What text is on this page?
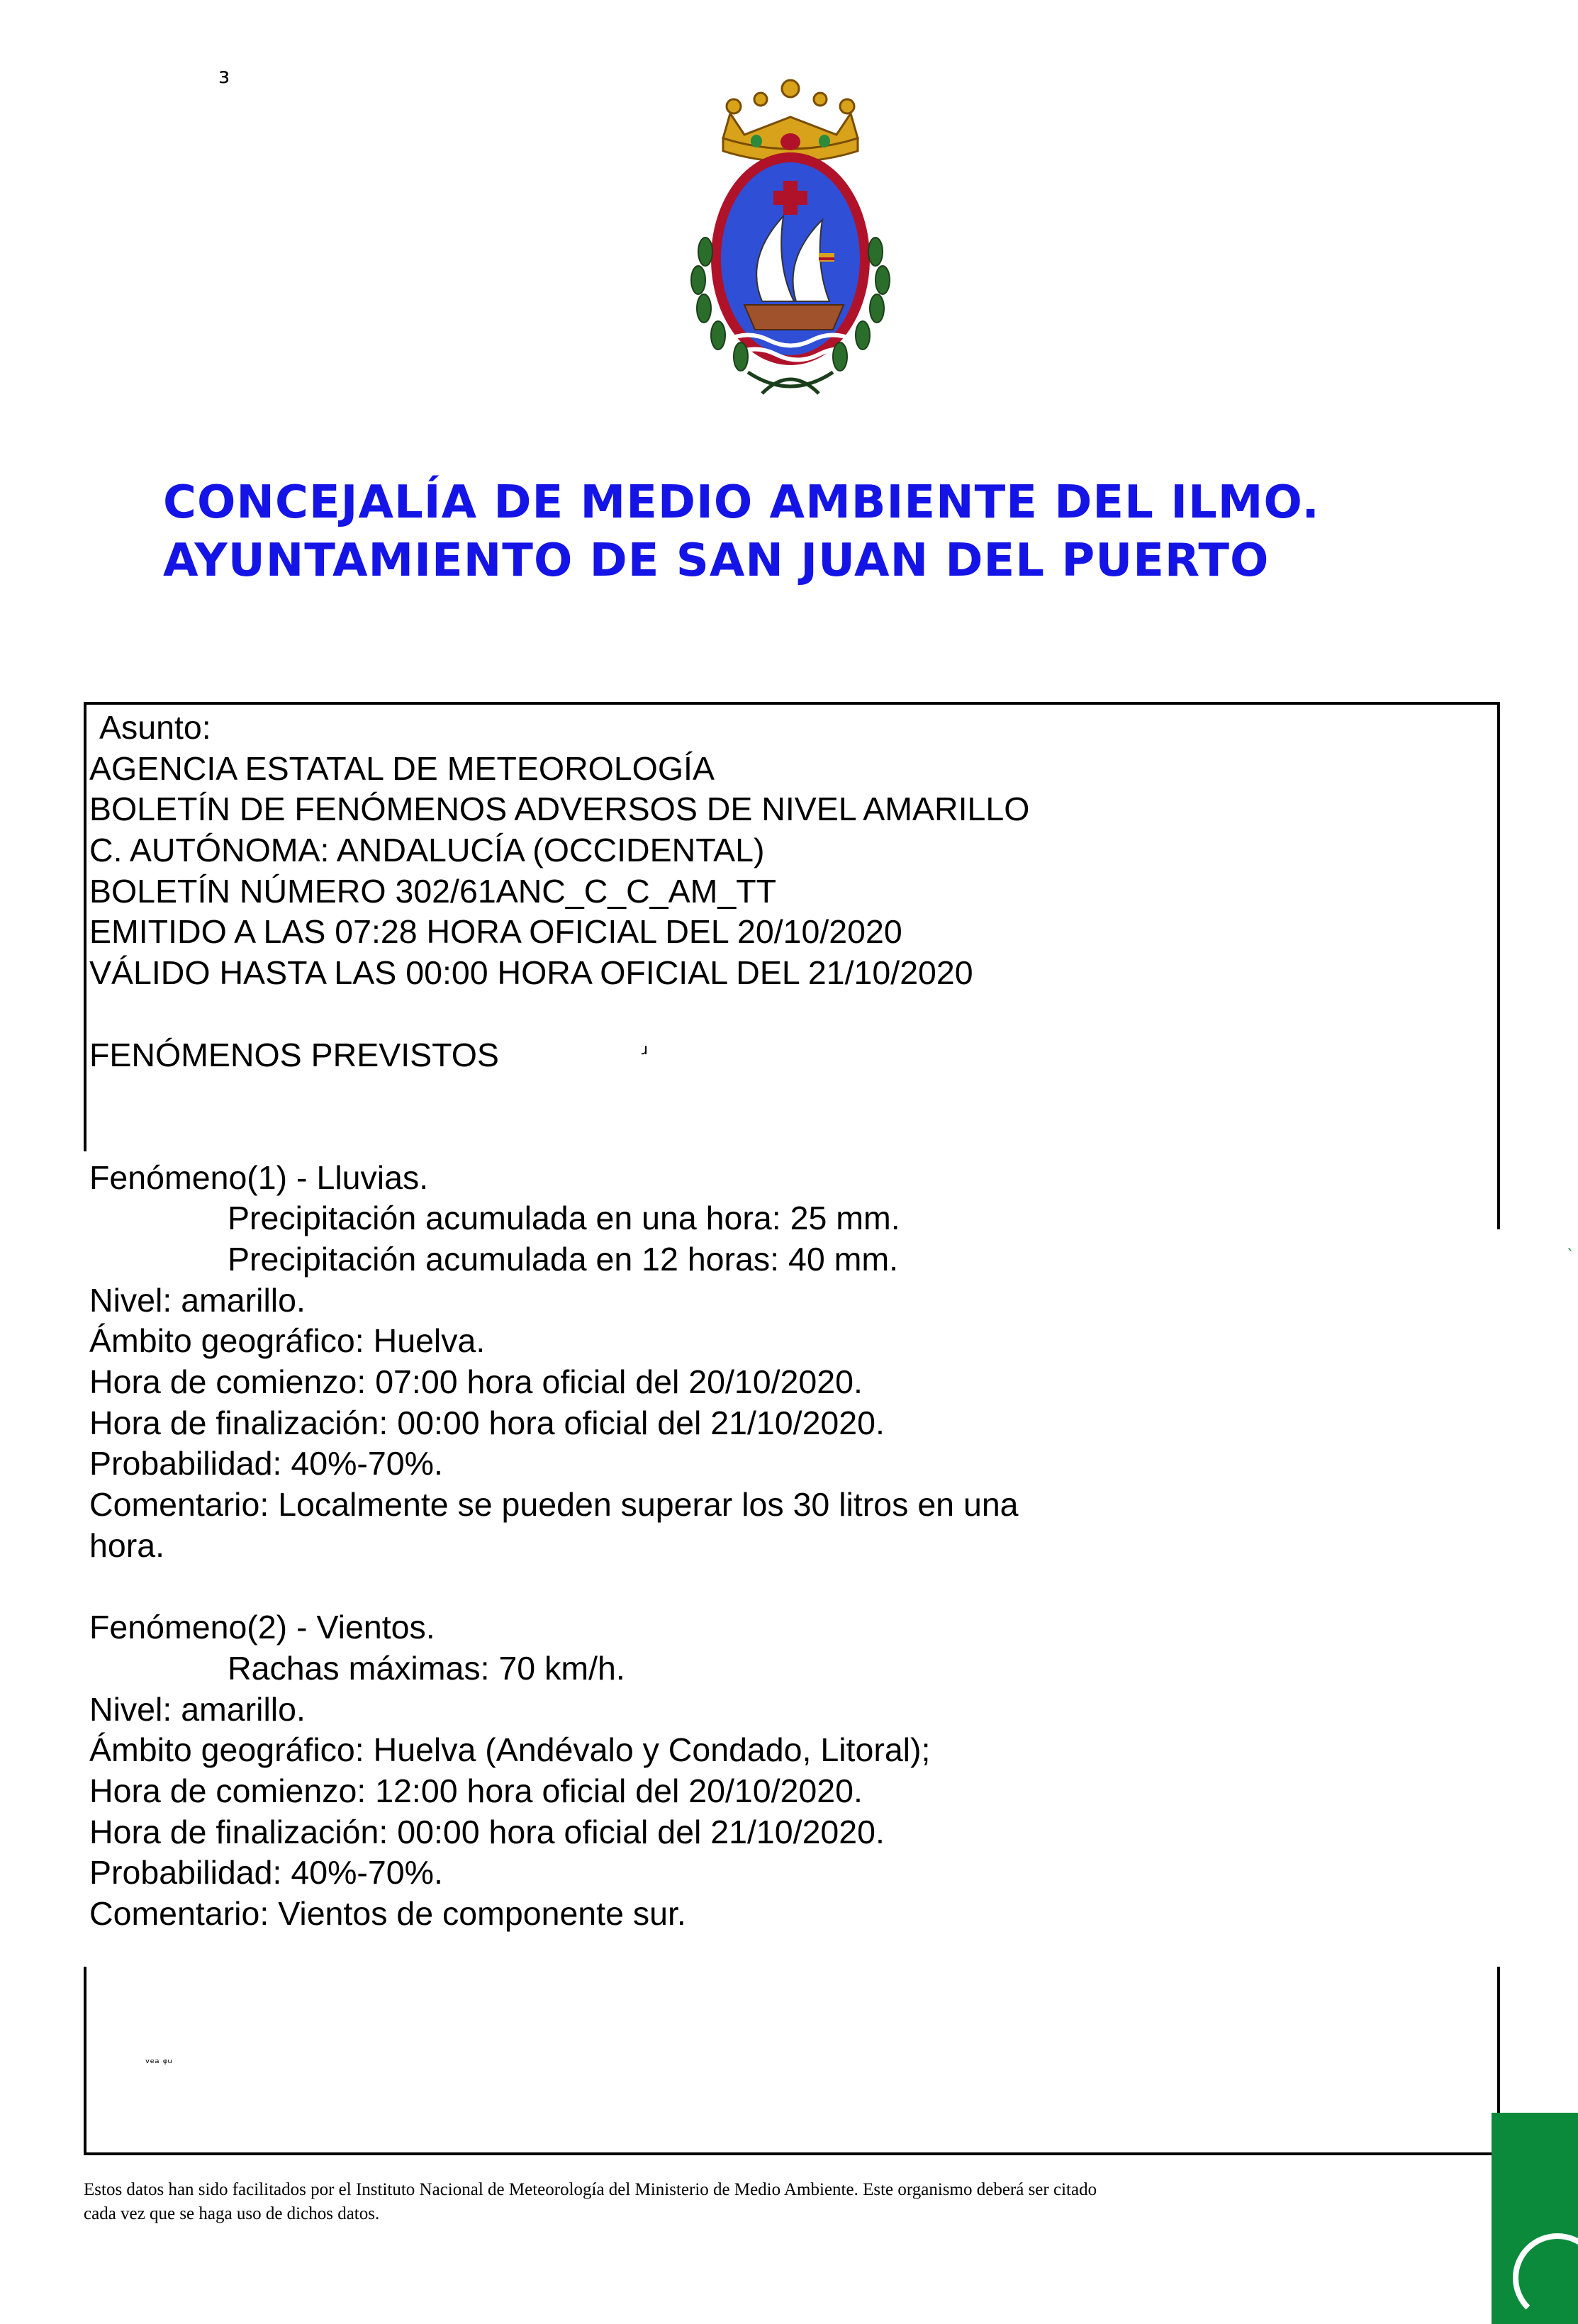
ɜ
ɹ
ˎ
CONCEJALÍA DE MEDIO AMBIENTE DEL ILMO.
AYUNTAMIENTO DE SAN JUAN DEL PUERTO
Asunto:
AGENCIA ESTATAL DE METEOROLOGÍA
BOLETÍN DE FENÓMENOS ADVERSOS DE NIVEL AMARILLO
C. AUTÓNOMA: ANDALUCÍA (OCCIDENTAL)
BOLETÍN NÚMERO 302/61ANC_C_C_AM_TT
EMITIDO A LAS 07:28 HORA OFICIAL DEL 20/10/2020
VÁLIDO HASTA LAS 00:00 HORA OFICIAL DEL 21/10/2020
FENÓMENOS PREVISTOS
Fenómeno(1) - Lluvias.
Precipitación acumulada en una hora: 25 mm.
Precipitación acumulada en 12 horas: 40 mm.
Nivel: amarillo.
Ámbito geográfico: Huelva.
Hora de comienzo: 07:00 hora oficial del 20/10/2020.
Hora de finalización: 00:00 hora oficial del 21/10/2020.
Probabilidad: 40%-70%.
Comentario: Localmente se pueden superar los 30 litros en una
hora.
Fenómeno(2) - Vientos.
Rachas máximas: 70 km/h.
Nivel: amarillo.
Ámbito geográfico: Huelva (Andévalo y Condado, Litoral);
Hora de comienzo: 12:00 hora oficial del 20/10/2020.
Hora de finalización: 00:00 hora oficial del 21/10/2020.
Probabilidad: 40%-70%.
Comentario: Vientos de componente sur.
ᵥₑₐ ᵩᵤ
Estos datos han sido facilitados por el Instituto Nacional de Meteorología del Ministerio de Medio Ambiente. Este organismo deberá ser citado
cada vez que se haga uso de dichos datos.
